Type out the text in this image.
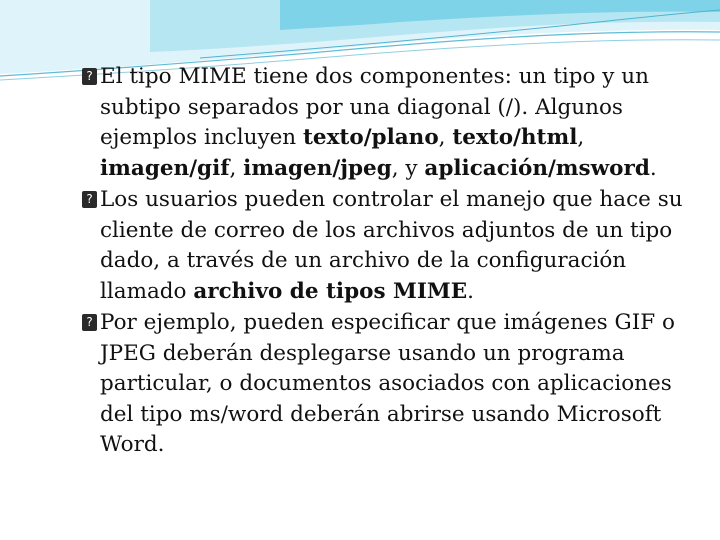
? El tipo MIME tiene dos componentes: un tipo y un subtipo separados por una diagonal (/). Algunos ejemplos incluyen texto/plano, texto/html, imagen/gif, imagen/jpeg, y aplicación/msword.
? Los usuarios pueden controlar el manejo que hace su cliente de correo de los archivos adjuntos de un tipo dado, a través de un archivo de la configuración llamado archivo de tipos MIME.
? Por ejemplo, pueden especificar que imágenes GIF o JPEG deberán desplegarse usando un programa particular, o documentos asociados con aplicaciones del tipo ms/word deberán abrirse usando Microsoft Word.
